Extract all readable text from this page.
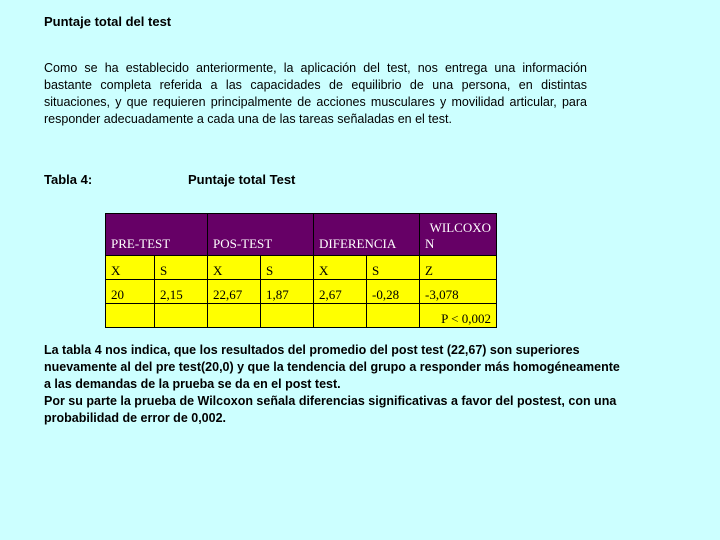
Puntaje total del test
Como se ha establecido anteriormente, la aplicación del test, nos entrega una información bastante completa referida a las capacidades de equilibrio de una persona, en distintas situaciones, y que requieren principalmente de acciones musculares y movilidad articular, para responder adecuadamente a cada una de las tareas señaladas en el test.
Tabla 4:	Puntaje total Test
PRE-TEST		POS-TEST		DIFERENCIA		WILCOXO
N

X	S	X	S	X	S	Z
20	2,15	22,67	1,87	2,67	-0,28	-3,078
						P < 0,002

La tabla 4 nos indica, que los resultados del promedio del post test (22,67) son superiores nuevamente al del pre test(20,0) y que la tendencia del grupo a responder más homogéneamente a las demandas de la prueba se da en el post test.

Por su parte la prueba de Wilcoxon señala diferencias significativas a favor del postest, con una probabilidad de error de 0,002.
